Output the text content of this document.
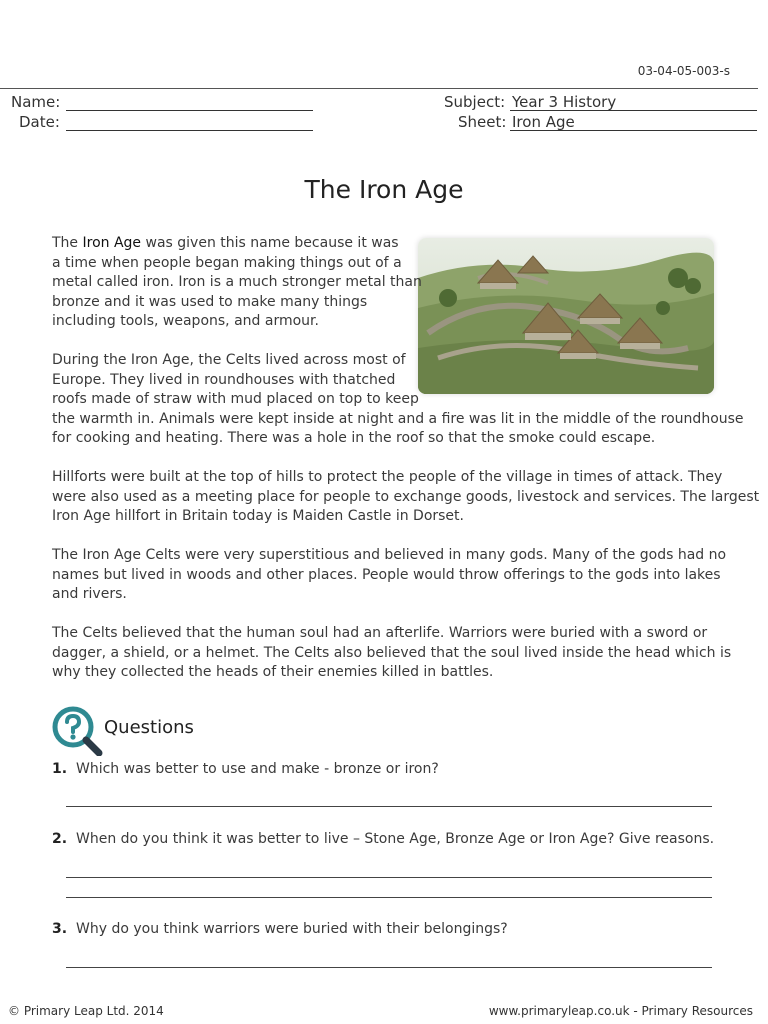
03-04-05-003-s
Name:
Date:
Subject: Year 3 History
Sheet: Iron Age
The Iron Age
The Iron Age was given this name because it was
a time when people began making things out of a
metal called iron. Iron is a much stronger metal than
bronze and it was used to make many things
including tools, weapons, and armour.
During the Iron Age, the Celts lived across most of
Europe. They lived in roundhouses with thatched
roofs made of straw with mud placed on top to keep
the warmth in. Animals were kept inside at night and a fire was lit in the middle of the roundhouse
for cooking and heating. There was a hole in the roof so that the smoke could escape.
Hillforts were built at the top of hills to protect the people of the village in times of attack. They
were also used as a meeting place for people to exchange goods, livestock and services. The largest
Iron Age hillfort in Britain today is Maiden Castle in Dorset.
The Iron Age Celts were very superstitious and believed in many gods. Many of the gods had no
names but lived in woods and other places. People would throw offerings to the gods into lakes
and rivers.
The Celts believed that the human soul had an afterlife. Warriors were buried with a sword or
dagger, a shield, or a helmet. The Celts also believed that the soul lived inside the head which is
why they collected the heads of their enemies killed in battles.
Questions
1. Which was better to use and make - bronze or iron?
2. When do you think it was better to live – Stone Age, Bronze Age or Iron Age? Give reasons.
3. Why do you think warriors were buried with their belongings?
© Primary Leap Ltd. 2014	www.primaryleap.co.uk - Primary Resources
